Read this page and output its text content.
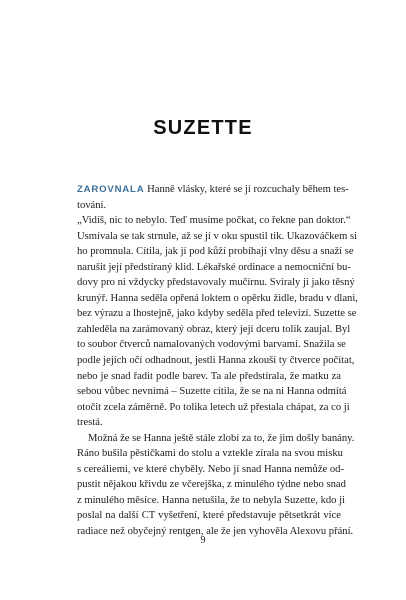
SUZETTE
ZAROVNALA Hanně vlásky, které se jí rozcuchaly během tes-
tování.
„Vidíš, nic to nebylo. Teď musíme počkat, co řekne pan doktor.“
Usmívala se tak strnule, až se jí v oku spustil tik. Ukazováčkem si
ho promnula. Cítila, jak jí pod kůží probíhají vlny děsu a snaží se
narušit její předstíraný klid. Lékařské ordinace a nemocniční bu-
dovy pro ni vždycky představovaly mučírnu. Svíraly ji jako těsný
krunýř. Hanna seděla opřená loktem o opěrku židle, bradu v dlani,
bez výrazu a lhostejně, jako kdyby seděla před televizí. Suzette se
zahleděla na zarámovaný obraz, který její dceru tolik zaujal. Byl
to soubor čtverců namalovaných vodovými barvami. Snažila se
podle jejích očí odhadnout, jestli Hanna zkouší ty čtverce počítat,
nebo je snad řadit podle barev. Ta ale předstírala, že matku za
sebou vůbec nevnímá – Suzette cítila, že se na ni Hanna odmítá
otočit zcela záměrně. Po tolika letech už přestala chápat, za co ji
trestá.
Možná že se Hanna ještě stále zlobí za to, že jim došly banány.
Ráno bušila pěstičkami do stolu a vztekle zírala na svou misku
s cereáliemi, ve které chyběly. Nebo jí snad Hanna nemůže od-
pustit nějakou křivdu ze včerejška, z minulého týdne nebo snad
z minulého měsíce. Hanna netušila, že to nebyla Suzette, kdo ji
poslal na další CT vyšetření, které představuje pětsetkrát více
radiace než obyčejný rentgen, ale že jen vyhověla Alexovu přání.
9
